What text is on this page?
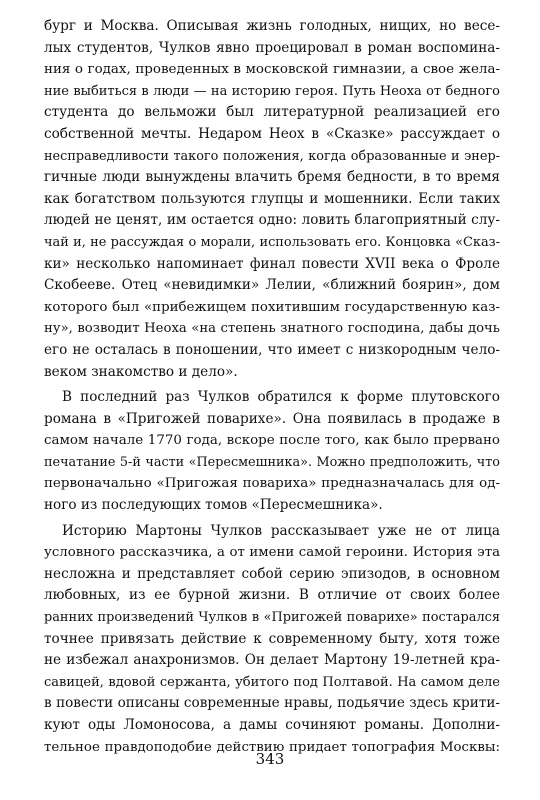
бург и Москва. Описывая жизнь голодных, нищих, но весе-
лых студентов, Чулков явно проецировал в роман воспомина-
ния о годах, проведенных в московской гимназии, а свое жела-
ние выбиться в люди — на историю героя. Путь Неоха от бедного
студента до вельможи был литературной реализацией его
собственной мечты. Недаром Неох в «Сказке» рассуждает о
несправедливости такого положения, когда образованные и энер-
гичные люди вынуждены влачить бремя бедности, в то время
как богатством пользуются глупцы и мошенники. Если таких
людей не ценят, им остается одно: ловить благоприятный слу-
чай и, не рассуждая о морали, использовать его. Концовка «Сказ-
ки» несколько напоминает финал повести XVII века о Фроле
Скобееве. Отец «невидимки» Лелии, «ближний боярин», дом
которого был «прибежищем похитившим государственную каз-
ну», возводит Неоха «на степень знатного господина, дабы дочь
его не осталась в поношении, что имеет с низкородным чело-
веком знакомство и дело».
В последний раз Чулков обратился к форме плутовского
романа в «Пригожей поварихе». Она появилась в продаже в
самом начале 1770 года, вскоре после того, как было прервано
печатание 5-й части «Пересмешника». Можно предположить, что
первоначально «Пригожая повариха» предназначалась для од-
ного из последующих томов «Пересмешника».
Историю Мартоны Чулков рассказывает уже не от лица
условного рассказчика, а от имени самой героини. История эта
несложна и представляет собой серию эпизодов, в основном
любовных, из ее бурной жизни. В отличие от своих более
ранних произведений Чулков в «Пригожей поварихе» постарался
точнее привязать действие к современному быту, хотя тоже
не избежал анахронизмов. Он делает Мартону 19-летней кра-
савицей, вдовой сержанта, убитого под Полтавой. На самом деле
в повести описаны современные нравы, подьячие здесь крити-
куют оды Ломоносова, а дамы сочиняют романы. Дополни-
тельное правдоподобие действию придает топография Москвы:
343
